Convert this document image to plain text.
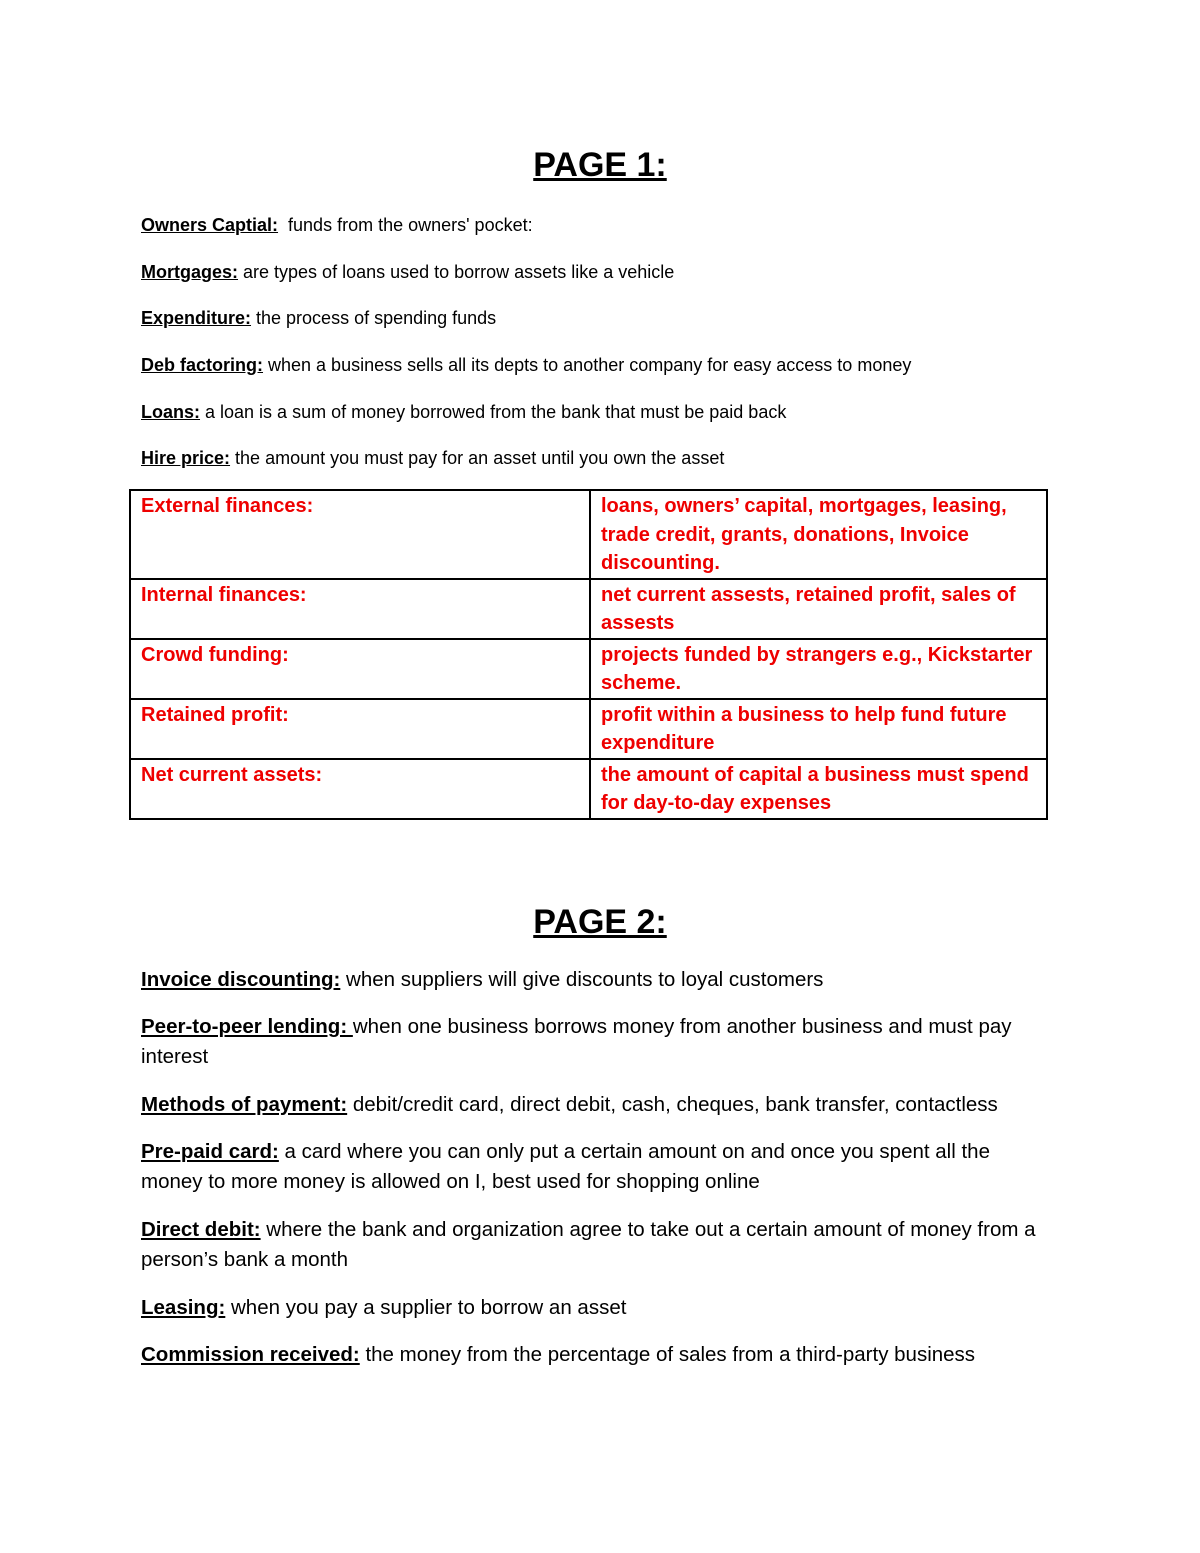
PAGE 1:

Owners Captial:  funds from the owners' pocket:

Mortgages: are types of loans used to borrow assets like a vehicle

Expenditure: the process of spending funds

Deb factoring: when a business sells all its depts to another company for easy access to money

Loans: a loan is a sum of money borrowed from the bank that must be paid back

Hire price: the amount you must pay for an asset until you own the asset

External finances:	loans, owners’ capital, mortgages, leasing, trade credit, grants, donations, Invoice discounting.
Internal finances:	net current assests, retained profit, sales of assests
Crowd funding:	projects funded by strangers e.g., Kickstarter scheme.
Retained profit:	profit within a business to help fund future expenditure
Net current assets:	the amount of capital a business must spend for day-to-day expenses
PAGE 2:

Invoice discounting: when suppliers will give discounts to loyal customers

Peer-to-peer lending: when one business borrows money from another business and must pay interest

Methods of payment: debit/credit card, direct debit, cash, cheques, bank transfer, contactless

Pre-paid card: a card where you can only put a certain amount on and once you spent all the money to more money is allowed on I, best used for shopping online

Direct debit: where the bank and organization agree to take out a certain amount of money from a person’s bank a month

Leasing: when you pay a supplier to borrow an asset

Commission received: the money from the percentage of sales from a third-party business
